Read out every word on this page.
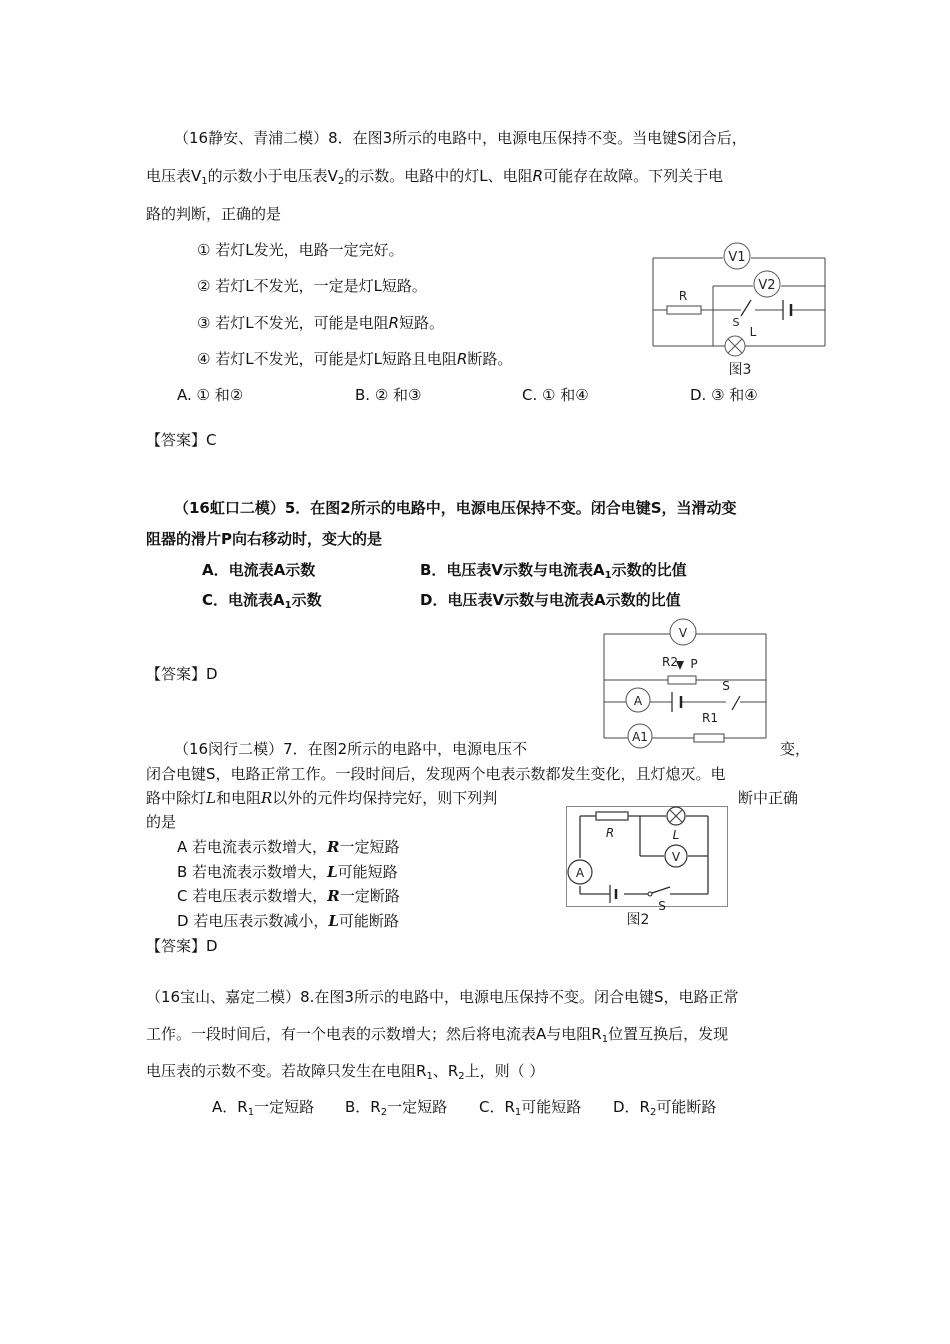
（16静安、青浦二模）8．在图3所示的电路中，电源电压保持不变。当电键S闭合后，
电压表$V_1$的示数小于电压表$V_2$的示数。电路中的灯L、电阻R可能存在故障。下列关于电
路的判断，正确的是
① 若灯L发光，电路一定完好。
② 若灯L不发光，一定是灯L短路。
③ 若灯L不发光，可能是电阻R短路。
④ 若灯L不发光，可能是灯L短路且电阻R断路。
A. ① 和②	B. ② 和③	C. ① 和④	D. ③ 和④
【答案】C
V1
V2
R
S
L
图3
（16虹口二模）5．在图2所示的电路中，电源电压保持不变。闭合电键S，当滑动变
阻器的滑片P向右移动时，变大的是
A．电流表A示数	B．电压表V示数与电流表$A_1$示数的比值
C．电流表$A_1$示数	D．电压表V示数与电流表A示数的比值
【答案】D
V
R2 P
A
S
R1
A1
（16闵行二模）7．在图2所示的电路中，电源电压不	变，
闭合电键S，电路正常工作。一段时间后，发现两个电表示数都发生变化，且灯熄灭。电
路中除灯L和电阻R以外的元件均保持完好，则下列判	断中正确
的是
A 若电流表示数增大，R一定短路
B 若电流表示数增大，L可能短路
C 若电压表示数增大，R一定断路
D 若电压表示数减小，L可能断路
【答案】D
R	L
V
A
S
图2
（16宝山、嘉定二模）8.在图3所示的电路中，电源电压保持不变。闭合电键S，电路正常
工作。一段时间后，有一个电表的示数增大；然后将电流表A与电阻$R_1$位置互换后，发现
电压表的示数不变。若故障只发生在电阻$R_1$、$R_2$上，则（ ）
A．$R_1$一定短路 B．$R_2$一定短路 C．$R_1$可能短路 D．$R_2$可能断路
